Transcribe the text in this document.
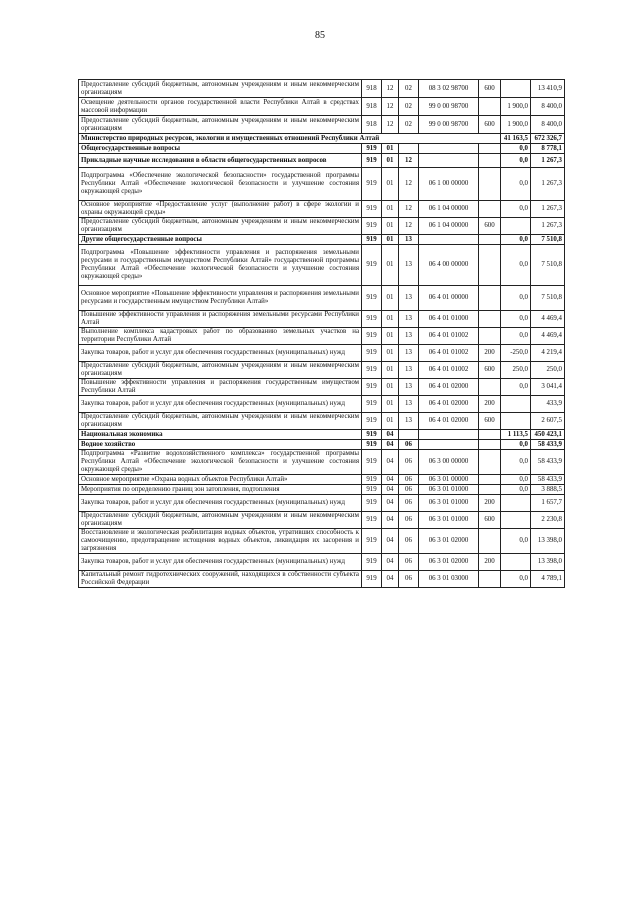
85
Предоставление субсидий бюджетным, автономным учреждениям и иным некоммерческим организациям	918	12	02	08 3 02 98700	600		13 410,9
Освещение деятельности органов государственной власти Республики Алтай в средствах массовой информации	918	12	02	99 0 00 98700		1 900,0	8 400,0
Предоставление субсидий бюджетным, автономным учреждениям и иным некоммерческим организациям	918	12	02	99 0 00 98700	600	1 900,0	8 400,0
Министерство природных ресурсов, экологии и имущественных отношений Республики Алтай						41 163,5	672 326,7
Общегосударственные вопросы	919	01				0,0	8 778,1
Прикладные научные исследования в области общегосударственных вопросов	919	01	12			0,0	1 267,3
Подпрограмма «Обеспечение экологической безопасности» государственной программы Республики Алтай «Обеспечение экологической безопасности и улучшение состояния окружающей среды»	919	01	12	06 1 00 00000		0,0	1 267,3
Основное мероприятие «Предоставление услуг (выполнение работ) в сфере экологии и охраны окружающей среды»	919	01	12	06 1 04 00000		0,0	1 267,3
Предоставление субсидий бюджетным, автономным учреждениям и иным некоммерческим организациям	919	01	12	06 1 04 00000	600		1 267,3
Другие общегосударственные вопросы	919	01	13			0,0	7 510,8
Подпрограмма «Повышение эффективности управления и распоряжения земельными ресурсами и государственным имуществом Республики Алтай» государственной программы Республики Алтай «Обеспечение экологической безопасности и улучшение состояния окружающей среды»	919	01	13	06 4 00 00000		0,0	7 510,8
Основное мероприятие «Повышение эффективности управления и распоряжения земельными ресурсами и государственным имуществом Республики Алтай»	919	01	13	06 4 01 00000		0,0	7 510,8
Повышение эффективности управления и распоряжения земельными ресурсами Республики Алтай	919	01	13	06 4 01 01000		0,0	4 469,4
Выполнение комплекса кадастровых работ по образованию земельных участков на территории Республики Алтай	919	01	13	06 4 01 01002		0,0	4 469,4
Закупка товаров, работ и услуг для обеспечения государственных (муниципальных) нужд	919	01	13	06 4 01 01002	200	-250,0	4 219,4
Предоставление субсидий бюджетным, автономным учреждениям и иным некоммерческим организациям	919	01	13	06 4 01 01002	600	250,0	250,0
Повышение эффективности управления и распоряжения государственным имуществом Республики Алтай	919	01	13	06 4 01 02000		0,0	3 041,4
Закупка товаров, работ и услуг для обеспечения государственных (муниципальных) нужд	919	01	13	06 4 01 02000	200		433,9
Предоставление субсидий бюджетным, автономным учреждениям и иным некоммерческим организациям	919	01	13	06 4 01 02000	600		2 607,5
Национальная экономика	919	04				1 113,5	450 423,1
Водное хозяйство	919	04	06			0,0	58 433,9
Подпрограмма «Развитие водохозяйственного комплекса» государственной программы Республики Алтай «Обеспечение экологической безопасности и улучшение состояния окружающей среды»	919	04	06	06 3 00 00000		0,0	58 433,9
Основное мероприятие «Охрана водных объектов Республики Алтай»	919	04	06	06 3 01 00000		0,0	58 433,9
Мероприятия по определению границ зон затопления, подтопления	919	04	06	06 3 01 01000		0,0	3 888,5
Закупка товаров, работ и услуг для обеспечения государственных (муниципальных) нужд	919	04	06	06 3 01 01000	200		1 657,7
Предоставление субсидий бюджетным, автономным учреждениям и иным некоммерческим организациям	919	04	06	06 3 01 01000	600		2 230,8
Восстановление и экологическая реабилитация водных объектов, утративших способность к самоочищению, предотвращение истощения водных объектов, ликвидация их засорения и загрязнения	919	04	06	06 3 01 02000		0,0	13 398,0
Закупка товаров, работ и услуг для обеспечения государственных (муниципальных) нужд	919	04	06	06 3 01 02000	200		13 398,0
Капитальный ремонт гидротехнических сооружений, находящихся в собственности субъекта Российской Федерации	919	04	06	06 3 01 03000		0,0	4 789,1
